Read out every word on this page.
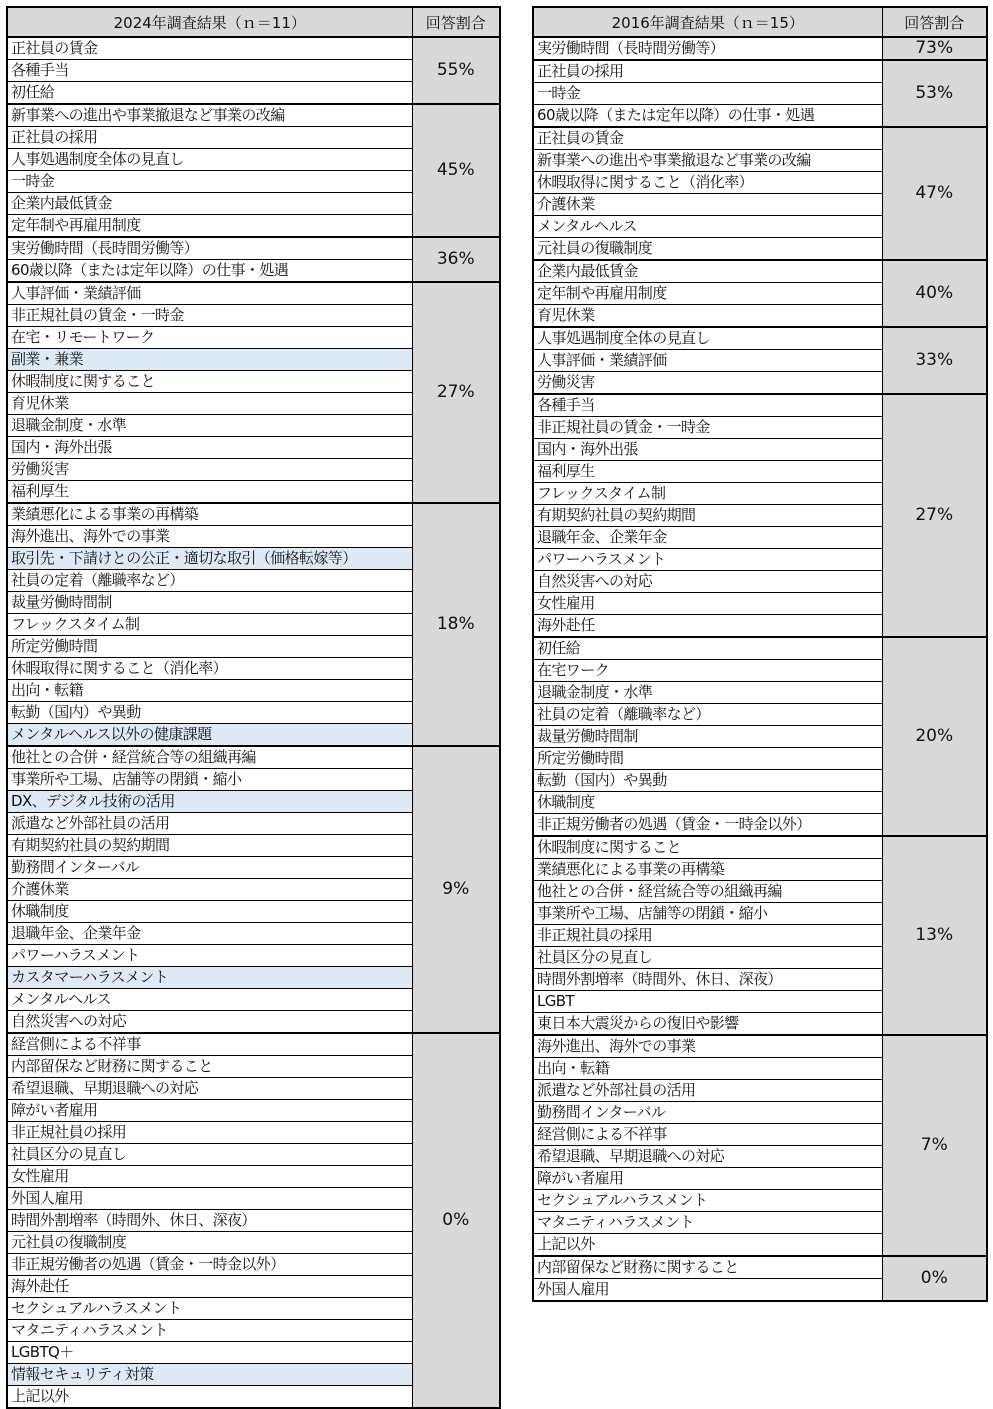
2024年調査結果（ｎ＝11）	回答割合
正社員の賃金	55%
各種手当	
初任給	
新事業への進出や事業撤退など事業の改編	45%
正社員の採用	
人事処遇制度全体の見直し	
一時金	
企業内最低賃金	
定年制や再雇用制度	
実労働時間（長時間労働等）	36%
60歳以降（または定年以降）の仕事・処遇	
人事評価・業績評価	27%
非正規社員の賃金・一時金	
在宅・リモートワーク	
副業・兼業	
休暇制度に関すること	
育児休業	
退職金制度・水準	
国内・海外出張	
労働災害	
福利厚生	
業績悪化による事業の再構築	18%
海外進出、海外での事業	
取引先・下請けとの公正・適切な取引（価格転嫁等）	
社員の定着（離職率など）	
裁量労働時間制	
フレックスタイム制	
所定労働時間	
休暇取得に関すること（消化率）	
出向・転籍	
転勤（国内）や異動	
メンタルヘルス以外の健康課題	
他社との合併・経営統合等の組織再編	9%
事業所や工場、店舗等の閉鎖・縮小	
DX、デジタル技術の活用	
派遣など外部社員の活用	
有期契約社員の契約期間	
勤務間インターバル	
介護休業	
休職制度	
退職年金、企業年金	
パワーハラスメント	
カスタマーハラスメント	
メンタルヘルス	
自然災害への対応	
経営側による不祥事	0%
内部留保など財務に関すること	
希望退職、早期退職への対応	
障がい者雇用	
非正規社員の採用	
社員区分の見直し	
女性雇用	
外国人雇用	
時間外割増率（時間外、休日、深夜）	
元社員の復職制度	
非正規労働者の処遇（賃金・一時金以外）	
海外赴任	
セクシュアルハラスメント	
マタニティハラスメント	
LGBTQ＋	
情報セキュリティ対策	
上記以外	
2016年調査結果（ｎ＝15）	回答割合
実労働時間（長時間労働等）	73%
正社員の採用	53%
一時金	
60歳以降（または定年以降）の仕事・処遇	
正社員の賃金	47%
新事業への進出や事業撤退など事業の改編	
休暇取得に関すること（消化率）	
介護休業	
メンタルヘルス	
元社員の復職制度	
企業内最低賃金	40%
定年制や再雇用制度	
育児休業	
人事処遇制度全体の見直し	33%
人事評価・業績評価	
労働災害	
各種手当	27%
非正規社員の賃金・一時金	
国内・海外出張	
福利厚生	
フレックスタイム制	
有期契約社員の契約期間	
退職年金、企業年金	
パワーハラスメント	
自然災害への対応	
女性雇用	
海外赴任	
初任給	20%
在宅ワーク	
退職金制度・水準	
社員の定着（離職率など）	
裁量労働時間制	
所定労働時間	
転勤（国内）や異動	
休職制度	
非正規労働者の処遇（賃金・一時金以外）	
休暇制度に関すること	13%
業績悪化による事業の再構築	
他社との合併・経営統合等の組織再編	
事業所や工場、店舗等の閉鎖・縮小	
非正規社員の採用	
社員区分の見直し	
時間外割増率（時間外、休日、深夜）	
LGBT	
東日本大震災からの復旧や影響	
海外進出、海外での事業	7%
出向・転籍	
派遣など外部社員の活用	
勤務間インターバル	
経営側による不祥事	
希望退職、早期退職への対応	
障がい者雇用	
セクシュアルハラスメント	
マタニティハラスメント	
上記以外	
内部留保など財務に関すること	0%
外国人雇用	
